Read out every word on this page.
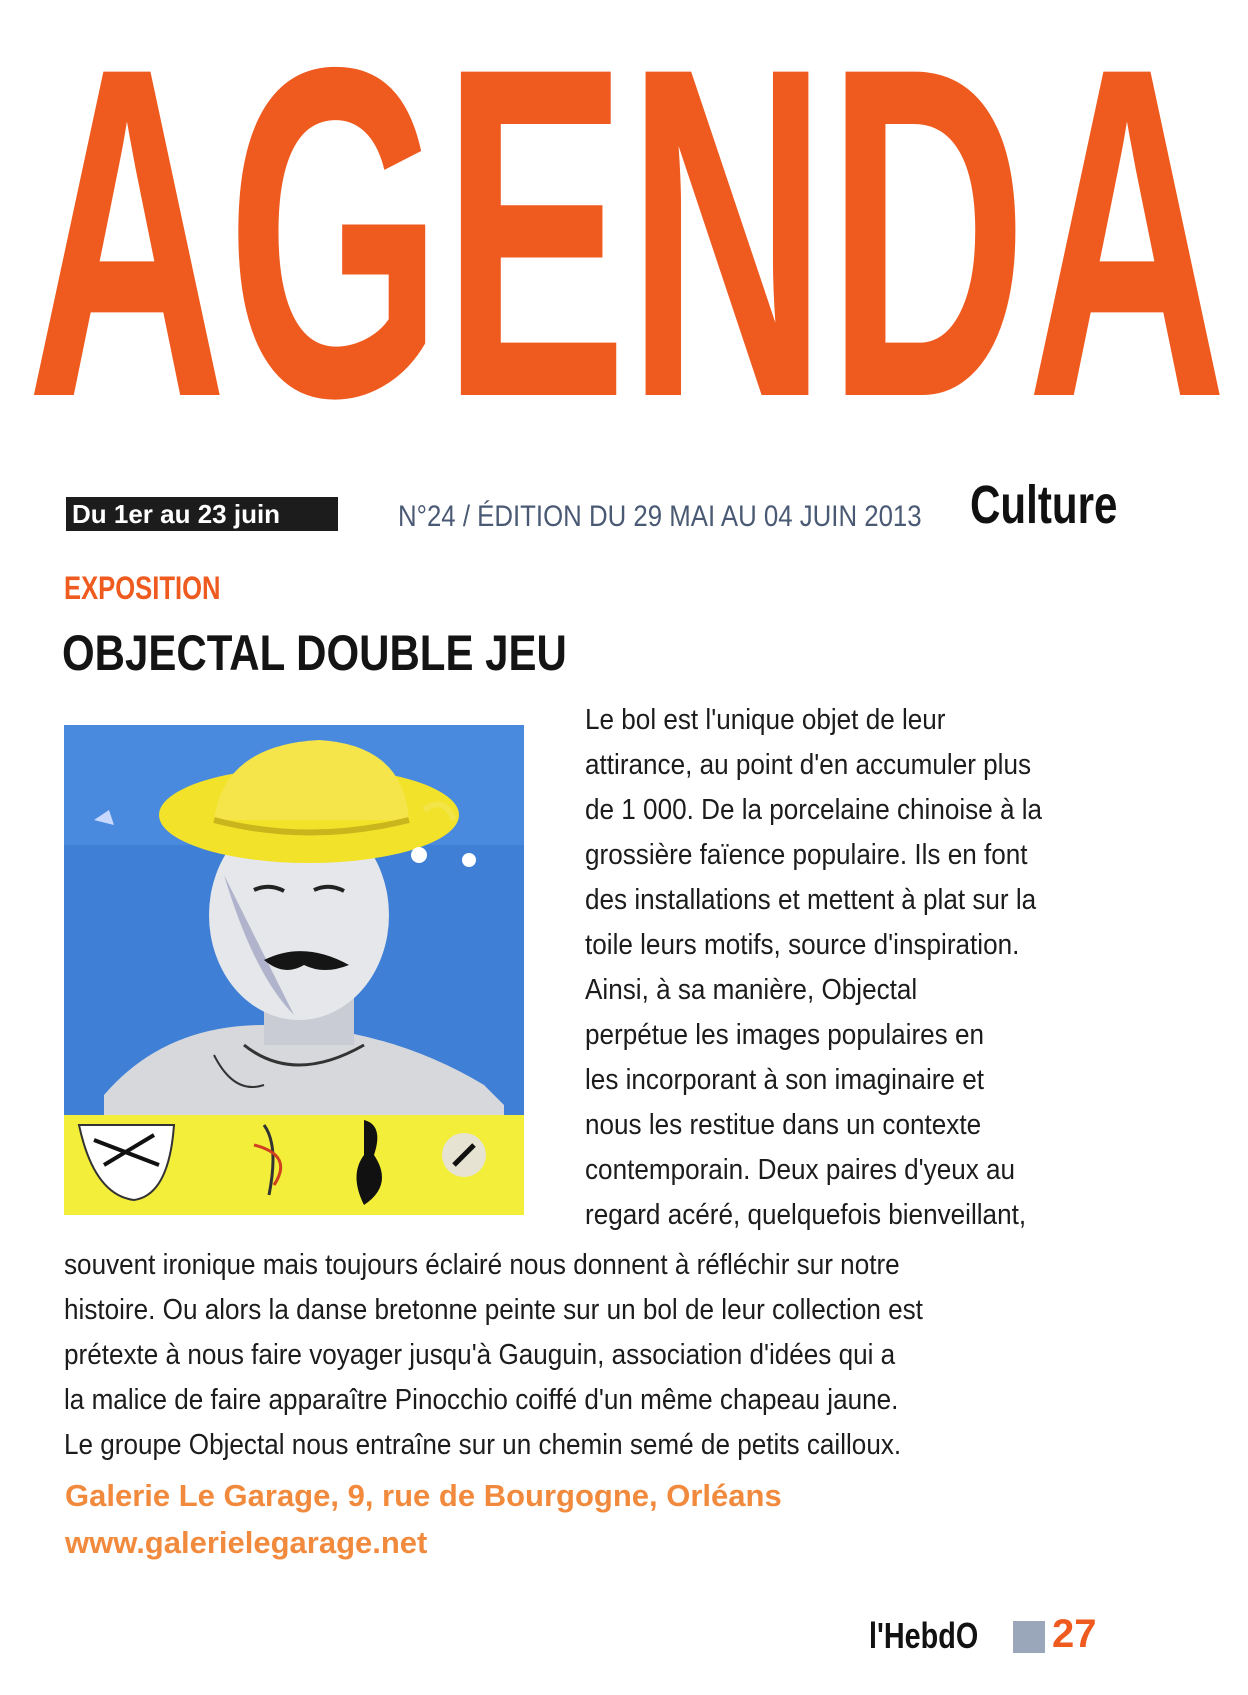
AGENDA
Du 1er au 23 juin	N°24 / ÉDITION DU 29 MAI AU 04 JUIN 2013 Culture
EXPOSITION
OBJECTAL DOUBLE JEU
Le bol est l'unique objet de leur
attirance, au point d'en accumuler plus
de 1 000. De la porcelaine chinoise à la
grossière faïence populaire. Ils en font
des installations et mettent à plat sur la
toile leurs motifs, source d'inspiration.
Ainsi, à sa manière, Objectal
perpétue les images populaires en
les incorporant à son imaginaire et
nous les restitue dans un contexte
contemporain. Deux paires d'yeux au
regard acéré, quelquefois bienveillant,
souvent ironique mais toujours éclairé nous donnent à réfléchir sur notre
histoire. Ou alors la danse bretonne peinte sur un bol de leur collection est
prétexte à nous faire voyager jusqu'à Gauguin, association d'idées qui a
la malice de faire apparaître Pinocchio coiffé d'un même chapeau jaune.
Le groupe Objectal nous entraîne sur un chemin semé de petits cailloux.
Galerie Le Garage, 9, rue de Bourgogne, Orléans
www.galerielegarage.net
l'HebdO 27
